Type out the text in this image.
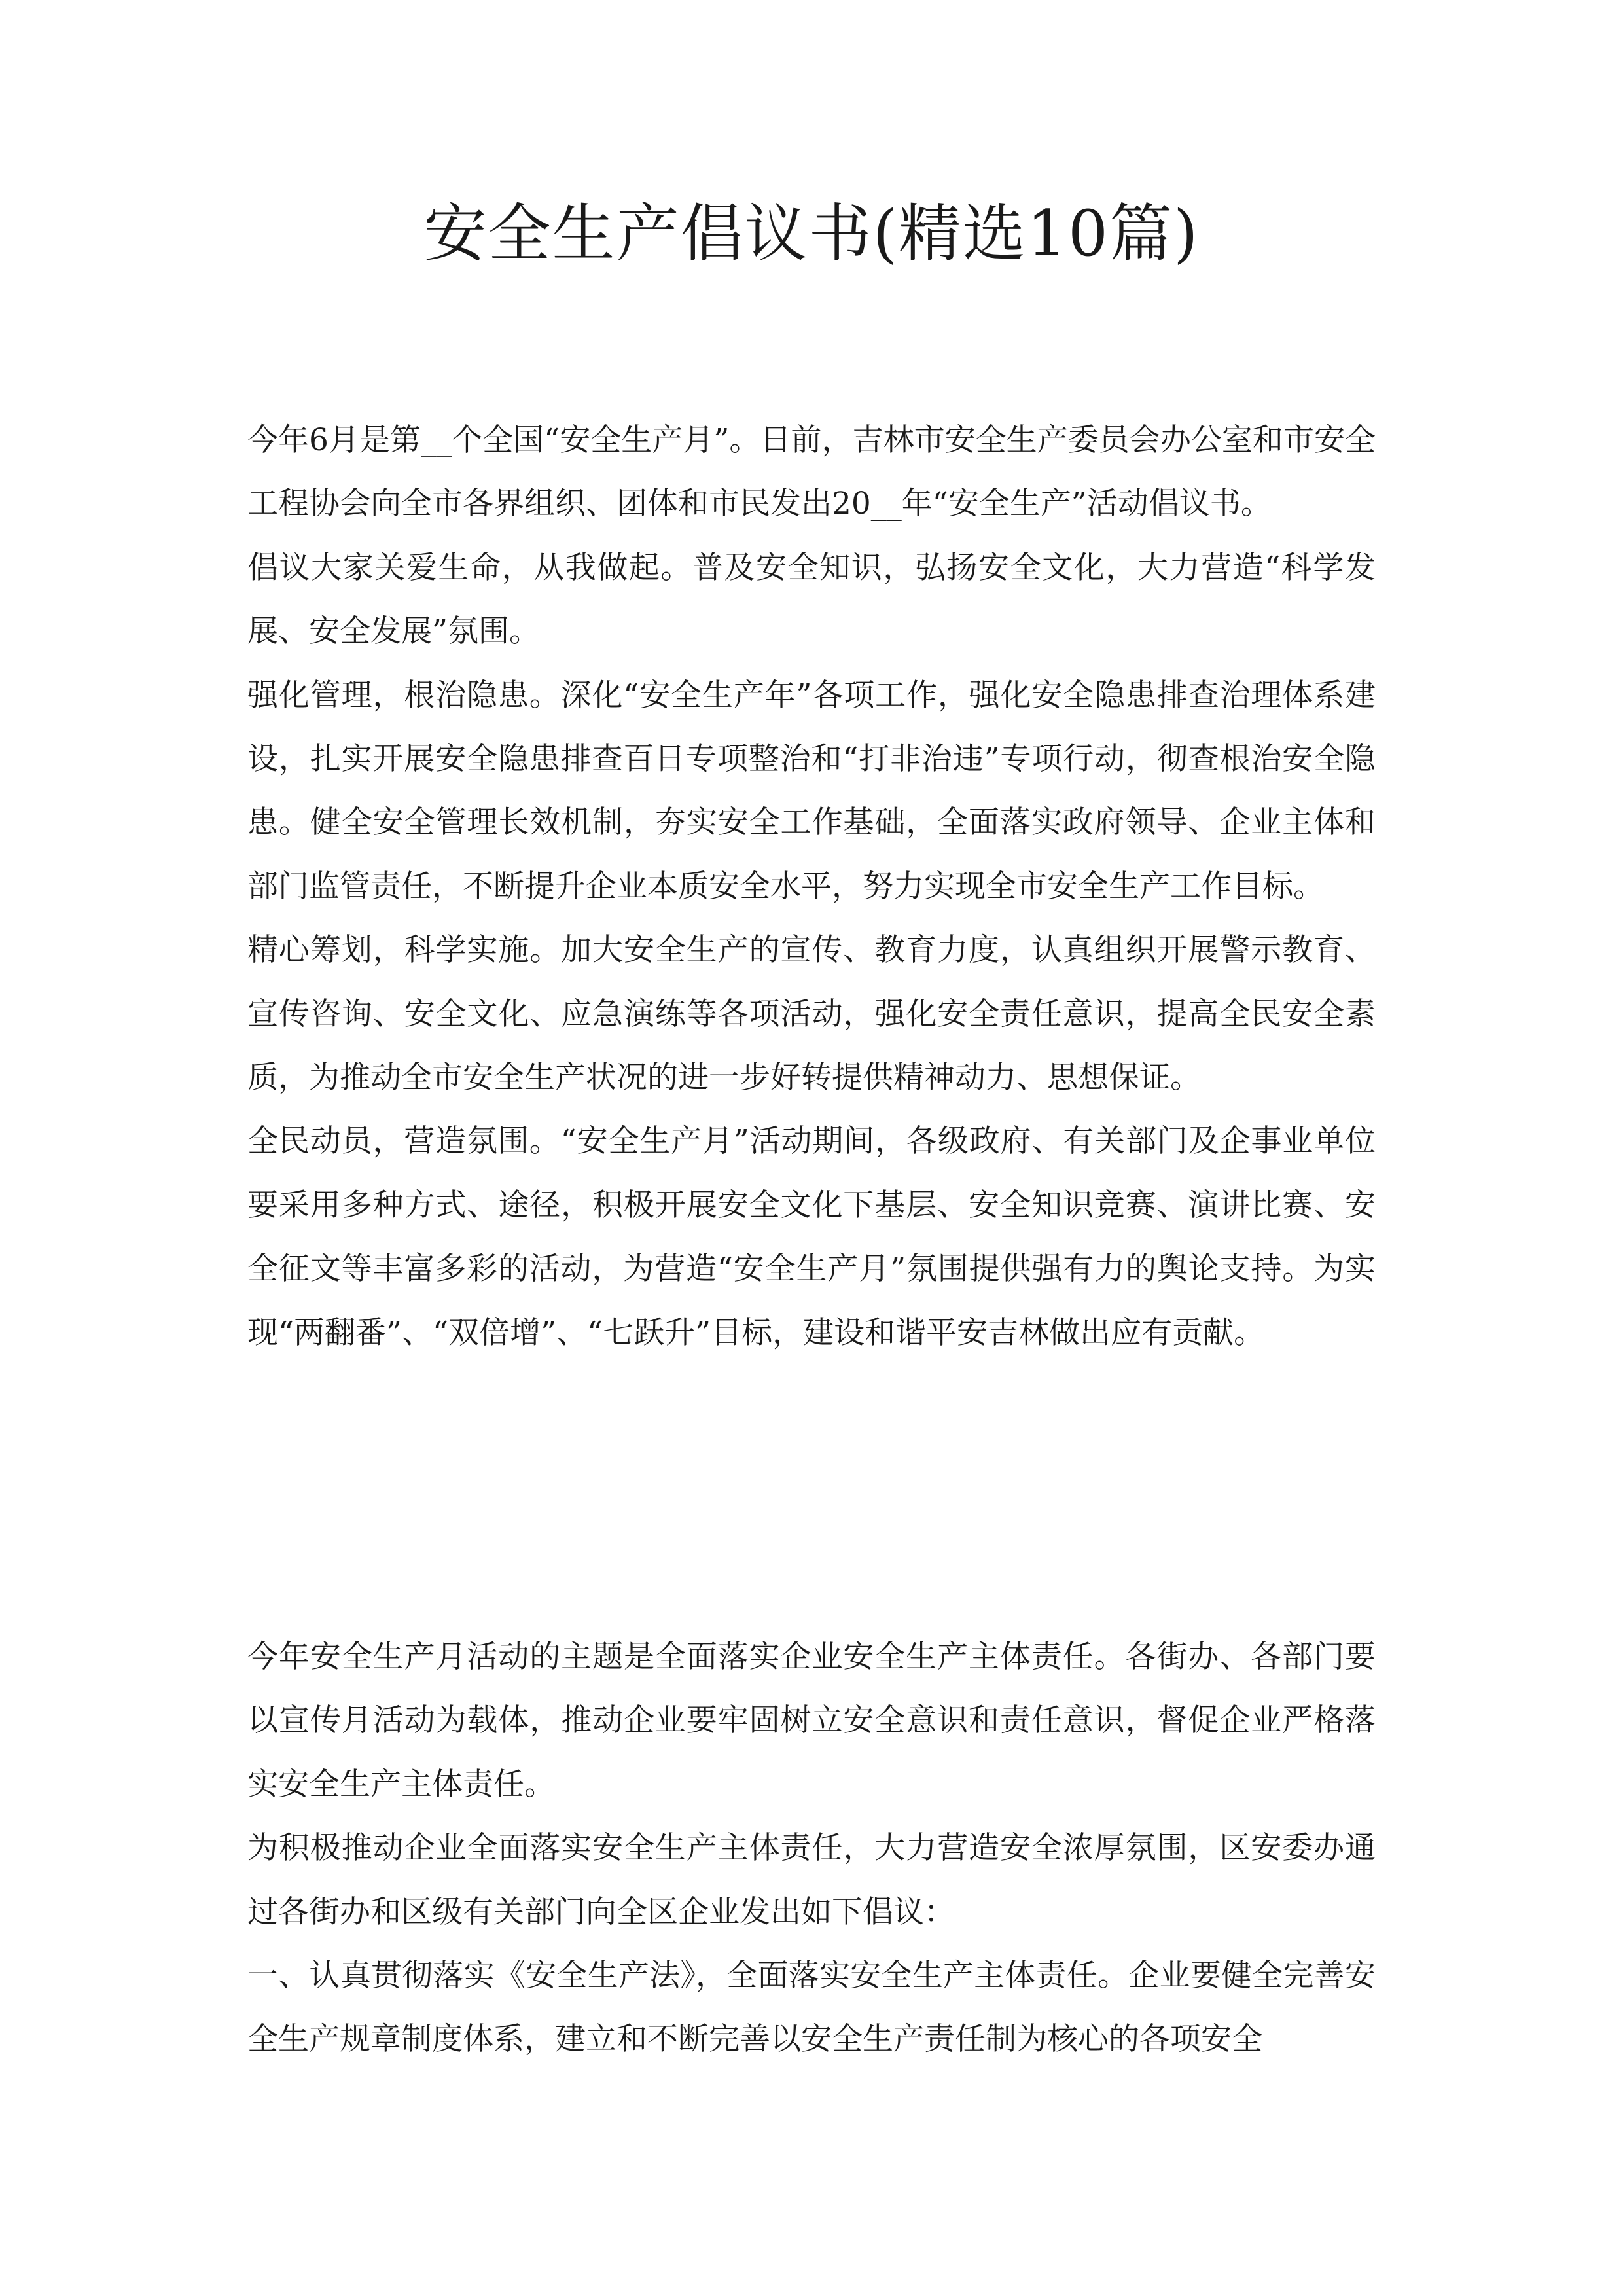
安全生产倡议书(精选10篇)

今年6月是第__个全国“安全生产月”。日前，吉林市安全生产委员会办公室和市安全工程协会向全市各界组织、团体和市民发出20__年“安全生产”活动倡议书。

倡议大家关爱生命，从我做起。普及安全知识，弘扬安全文化，大力营造“科学发展、安全发展”氛围。

强化管理，根治隐患。深化“安全生产年”各项工作，强化安全隐患排查治理体系建设，扎实开展安全隐患排查百日专项整治和“打非治违”专项行动，彻查根治安全隐患。健全安全管理长效机制，夯实安全工作基础，全面落实政府领导、企业主体和部门监管责任，不断提升企业本质安全水平，努力实现全市安全生产工作目标。

精心筹划，科学实施。加大安全生产的宣传、教育力度，认真组织开展警示教育、宣传咨询、安全文化、应急演练等各项活动，强化安全责任意识，提高全民安全素质，为推动全市安全生产状况的进一步好转提供精神动力、思想保证。

全民动员，营造氛围。“安全生产月”活动期间，各级政府、有关部门及企事业单位要采用多种方式、途径，积极开展安全文化下基层、安全知识竞赛、演讲比赛、安全征文等丰富多彩的活动，为营造“安全生产月”氛围提供强有力的舆论支持。为实现“两翻番”、“双倍增”、“七跃升”目标，建设和谐平安吉林做出应有贡献。

今年安全生产月活动的主题是全面落实企业安全生产主体责任。各街办、各部门要以宣传月活动为载体，推动企业要牢固树立安全意识和责任意识，督促企业严格落实安全生产主体责任。

为积极推动企业全面落实安全生产主体责任，大力营造安全浓厚氛围，区安委办通过各街办和区级有关部门向全区企业发出如下倡议：

一、认真贯彻落实《安全生产法》，全面落实安全生产主体责任。企业要健全完善安全生产规章制度体系，建立和不断完善以安全生产责任制为核心的各项安全
